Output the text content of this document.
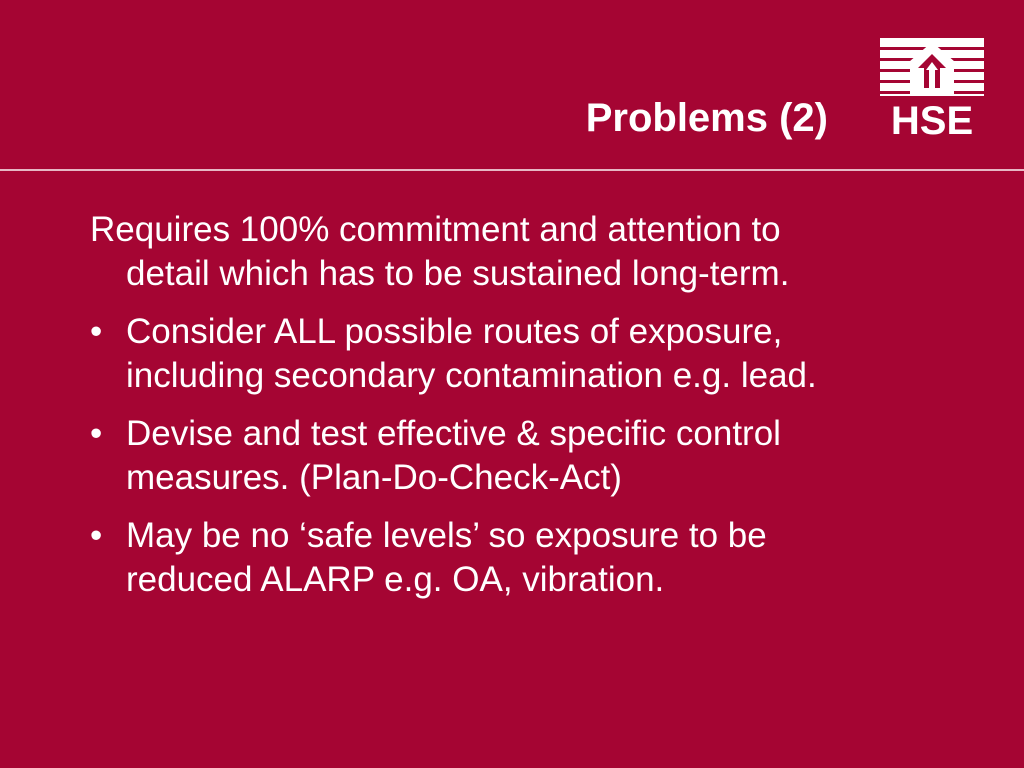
HSE
Problems (2)
Requires 100% commitment and attention to detail which has to be sustained long-term.
• Consider ALL possible routes of exposure, including secondary contamination e.g. lead.
• Devise and test effective & specific control measures. (Plan-Do-Check-Act)
• May be no ‘safe levels’ so exposure to be reduced ALARP e.g. OA, vibration.
